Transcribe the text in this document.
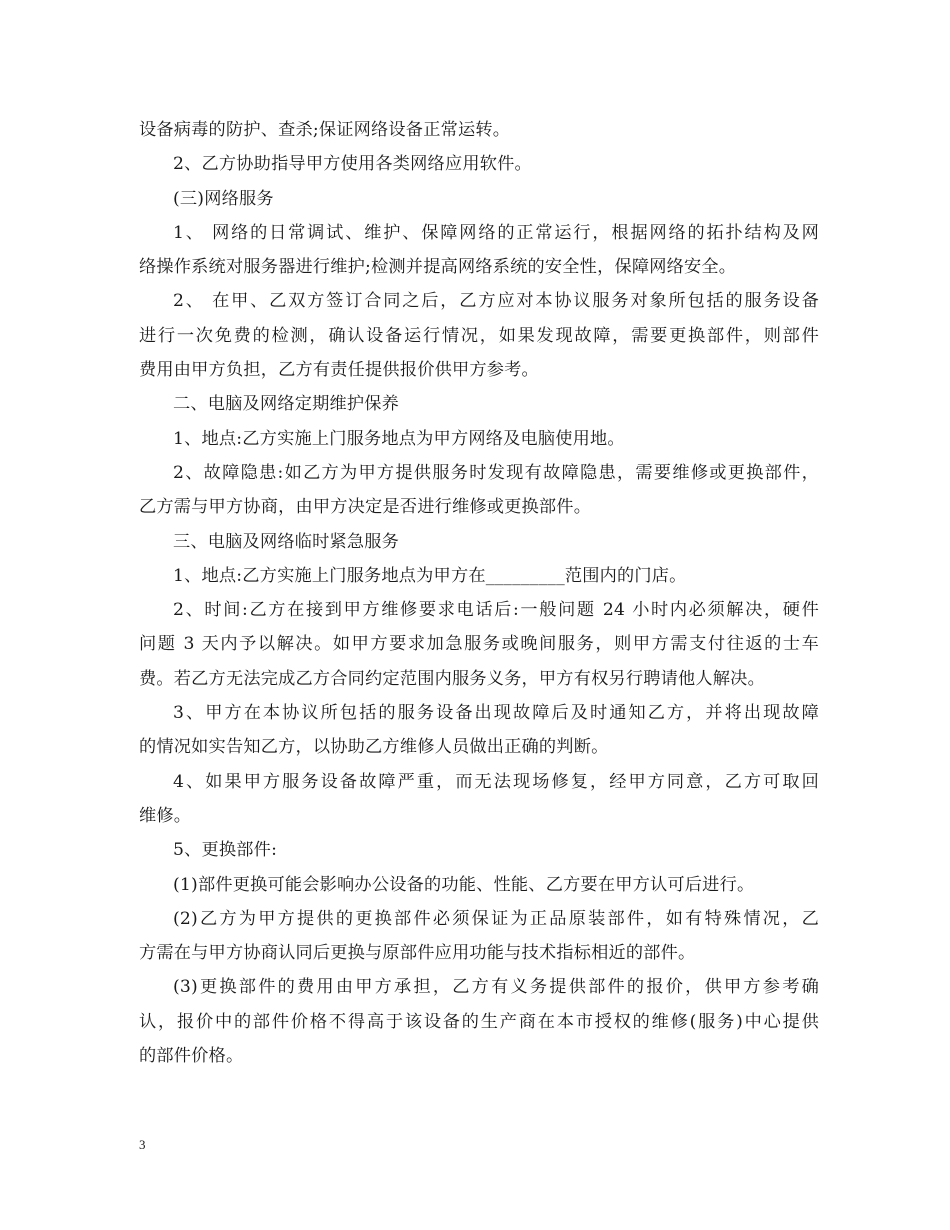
设备病毒的防护、查杀;保证网络设备正常运转。
2、乙方协助指导甲方使用各类网络应用软件。
(三)网络服务
1、 网络的日常调试、维护、保障网络的正常运行，根据网络的拓扑结构及网
络操作系统对服务器进行维护;检测并提高网络系统的安全性，保障网络安全。
2、 在甲、乙双方签订合同之后，乙方应对本协议服务对象所包括的服务设备
进行一次免费的检测，确认设备运行情况，如果发现故障，需要更换部件，则部件
费用由甲方负担，乙方有责任提供报价供甲方参考。
二、电脑及网络定期维护保养
1、地点:乙方实施上门服务地点为甲方网络及电脑使用地。
2、故障隐患:如乙方为甲方提供服务时发现有故障隐患，需要维修或更换部件，
乙方需与甲方协商，由甲方决定是否进行维修或更换部件。
三、电脑及网络临时紧急服务
1、地点:乙方实施上门服务地点为甲方在_________范围内的门店。
2、时间:乙方在接到甲方维修要求电话后:一般问题 24 小时内必须解决，硬件
问题 3 天内予以解决。如甲方要求加急服务或晚间服务，则甲方需支付往返的士车
费。若乙方无法完成乙方合同约定范围内服务义务，甲方有权另行聘请他人解决。
3、甲方在本协议所包括的服务设备出现故障后及时通知乙方，并将出现故障
的情况如实告知乙方，以协助乙方维修人员做出正确的判断。
4、如果甲方服务设备故障严重，而无法现场修复，经甲方同意，乙方可取回
维修。
5、更换部件:
(1)部件更换可能会影响办公设备的功能、性能、乙方要在甲方认可后进行。
(2)乙方为甲方提供的更换部件必须保证为正品原装部件，如有特殊情况，乙
方需在与甲方协商认同后更换与原部件应用功能与技术指标相近的部件。
(3)更换部件的费用由甲方承担，乙方有义务提供部件的报价，供甲方参考确
认，报价中的部件价格不得高于该设备的生产商在本市授权的维修(服务)中心提供
的部件价格。
3
